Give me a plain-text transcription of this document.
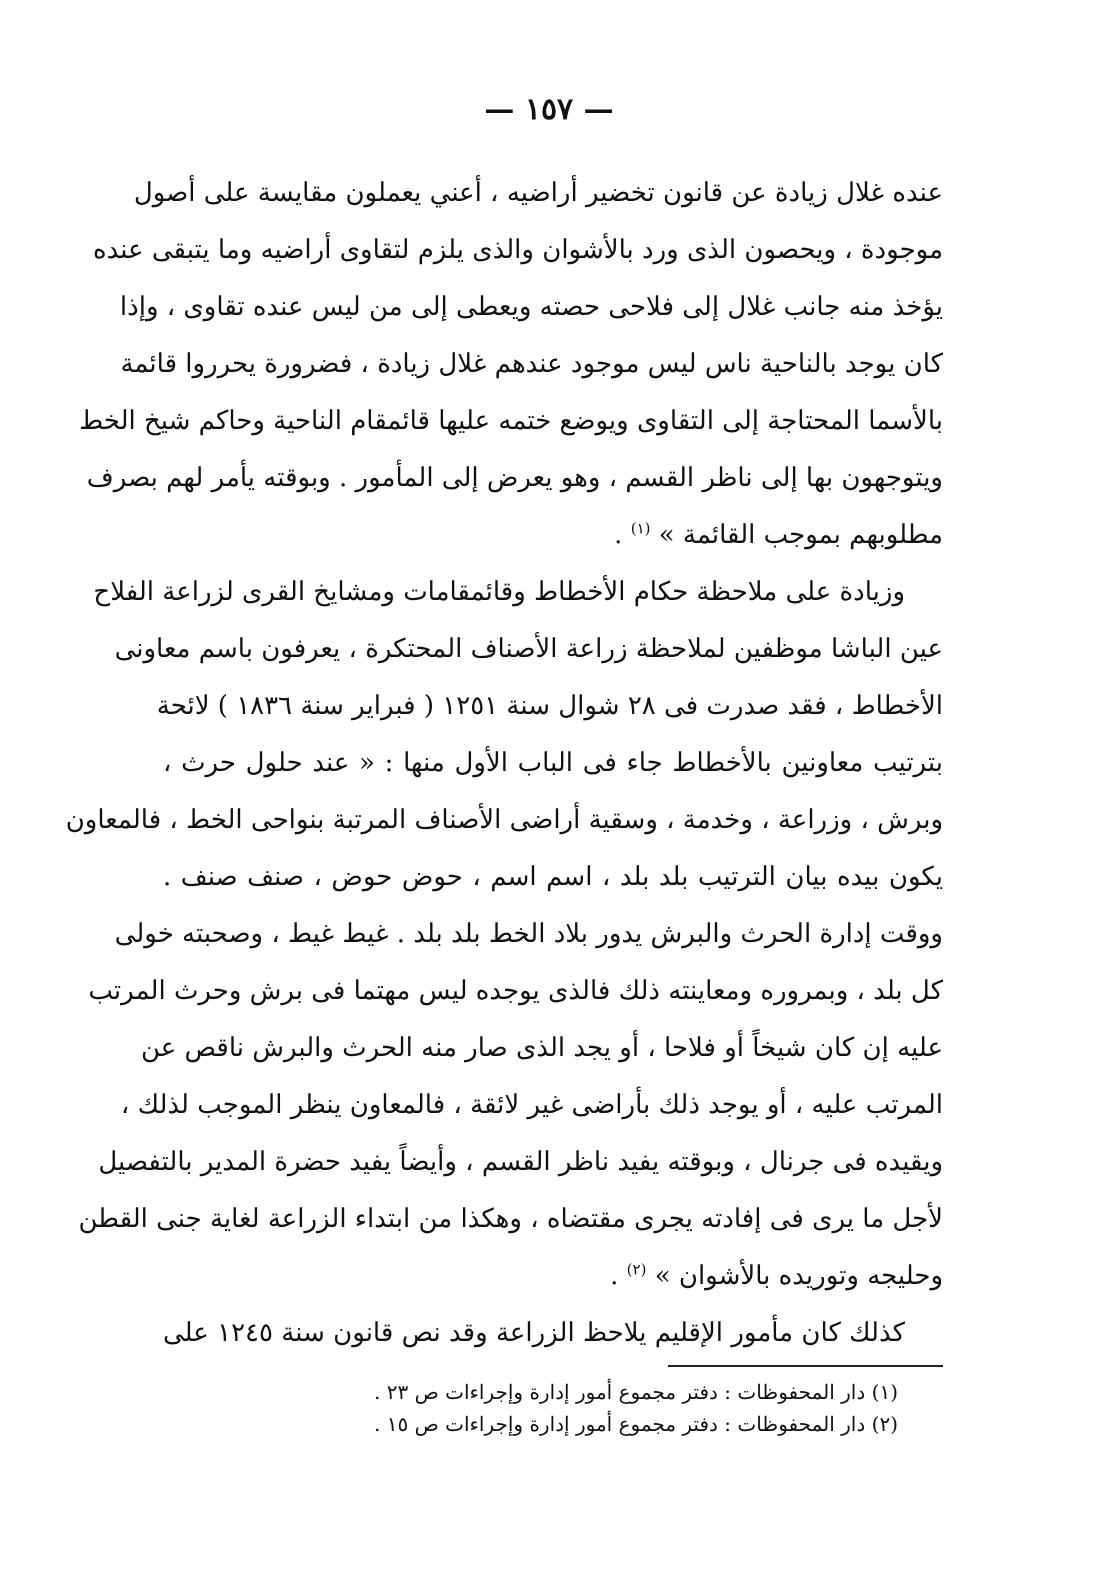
— ١٥٧ —
عنده غلال زيادة عن قانون تخضير أراضيه ، أعني يعملون مقايسة على أصول
موجودة ، ويحصون الذى ورد بالأشوان والذى يلزم لتقاوى أراضيه وما يتبقى عنده
يؤخذ منه جانب غلال إلى فلاحى حصته ويعطى إلى من ليس عنده تقاوى ، وإذا
كان يوجد بالناحية ناس ليس موجود عندهم غلال زيادة ، فضرورة يحرروا قائمة
بالأسما المحتاجة إلى التقاوى ويوضع ختمه عليها قائمقام الناحية وحاكم شيخ الخط
ويتوجهون بها إلى ناظر القسم ، وهو يعرض إلى المأمور . وبوقته يأمر لهم بصرف
مطلوبهم بموجب القائمة » $^{(١)}$ .
وزيادة على ملاحظة حكام الأخطاط وقائمقامات ومشايخ القرى لزراعة الفلاح
عين الباشا موظفين لملاحظة زراعة الأصناف المحتكرة ، يعرفون باسم معاونى
الأخطاط ، فقد صدرت فى ٢٨ شوال سنة ١٢٥١ ( فبراير سنة ١٨٣٦ ) لائحة
بترتيب معاونين بالأخطاط جاء فى الباب الأول منها : « عند حلول حرث ،
وبرش ، وزراعة ، وخدمة ، وسقية أراضى الأصناف المرتبة بنواحى الخط ، فالمعاون
يكون بيده بيان الترتيب بلد بلد ، اسم اسم ، حوض حوض ، صنف صنف .
ووقت إدارة الحرث والبرش يدور بلاد الخط بلد بلد . غيط غيط ، وصحبته خولى
كل بلد ، وبمروره ومعاينته ذلك فالذى يوجده ليس مهتما فى برش وحرث المرتب
عليه إن كان شيخاً أو فلاحا ، أو يجد الذى صار منه الحرث والبرش ناقص عن
المرتب عليه ، أو يوجد ذلك بأراضى غير لائقة ، فالمعاون ينظر الموجب لذلك ،
ويقيده فى جرنال ، وبوقته يفيد ناظر القسم ، وأيضاً يفيد حضرة المدير بالتفصيل
لأجل ما يرى فى إفادته يجرى مقتضاه ، وهكذا من ابتداء الزراعة لغاية جنى القطن
وحليجه وتوريده بالأشوان » $^{(٢)}$ .
كذلك كان مأمور الإقليم يلاحظ الزراعة وقد نص قانون سنة ١٢٤٥ على
(١) دار المحفوظات : دفتر مجموع أمور إدارة وإجراءات ص ٢٣ .
(٢) دار المحفوظات : دفتر مجموع أمور إدارة وإجراءات ص ١٥ .
